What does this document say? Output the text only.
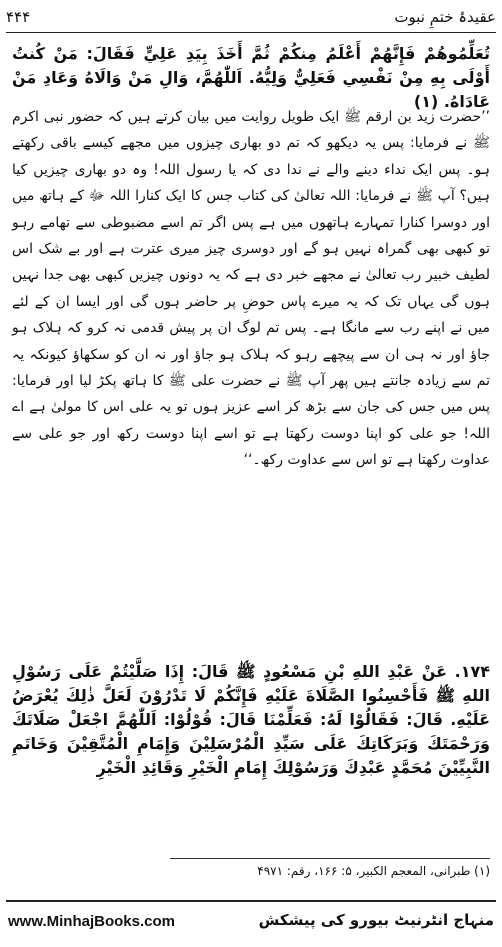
۴۴۴	عقیدۂ ختمِ نبوت
تُعَلِّمُوهُمْ فَإِنَّهُمْ أَعْلَمُ مِنكُمْ ثُمَّ أَخَذَ بِيَدِ عَلِيٍّ فَقَالَ: مَنْ كُنتُ أَوْلَى بِهِ مِنْ نَفْسِي فَعَلِيٌّ وَلِيُّهُ. اَللّٰهُمَّ، وَالِ مَنْ وَالَاهُ وَعَادِ مَنْ عَادَاهُ. (۱)
’’حضرت زید بن ارقم ﷺ ایک طویل روایت میں بیان کرتے ہیں کہ حضور نبی اکرم ﷺ نے فرمایا: پس یہ دیکھو کہ تم دو بھاری چیزوں میں مجھے کیسے باقی رکھتے ہو۔ پس ایک نداء دینے والے نے ندا دی کہ یا رسول اللہ! وہ دو بھاری چیزیں کیا ہیں؟ آپ ﷺ نے فرمایا: اللہ تعالیٰ کی کتاب جس کا ایک کنارا اللہ ﷻ کے ہاتھ میں اور دوسرا کنارا تمہارے ہاتھوں میں ہے پس اگر تم اسے مضبوطی سے تھامے رہو تو کبھی بھی گمراہ نہیں ہو گے اور دوسری چیز میری عترت ہے اور بے شک اس لطیف خبیر رب تعالیٰ نے مجھے خبر دی ہے کہ یہ دونوں چیزیں کبھی بھی جدا نہیں ہوں گی یہاں تک کہ یہ میرے پاس حوضِ پر حاضر ہوں گی اور ایسا ان کے لئے میں نے اپنے رب سے مانگا ہے۔ پس تم لوگ ان پر پیش قدمی نہ کرو کہ ہلاک ہو جاؤ اور نہ ہی ان سے پیچھے رہو کہ ہلاک ہو جاؤ اور نہ ان کو سکھاؤ کیونکہ یہ تم سے زیادہ جانتے ہیں پھر آپ ﷺ نے حضرت علی ﷺ کا ہاتھ پکڑ لیا اور فرمایا: پس میں جس کی جان سے بڑھ کر اسے عزیز ہوں تو یہ علی اس کا مولیٰ ہے اے اللہ! جو علی کو اپنا دوست رکھتا ہے تو اسے اپنا دوست رکھ اور جو علی سے عداوت رکھتا ہے تو اس سے عداوت رکھ۔‘‘
۱۷۴. عَنْ عَبْدِ اللهِ بْنِ مَسْعُودٍ ﷺ قَالَ: إِذَا صَلَّيْتُمْ عَلَى رَسُوْلِ اللهِ ﷺ فَأَحْسِنُوا الصَّلَاةَ عَلَيْهِ فَإِنَّكُمْ لَا تَدْرُوْنَ لَعَلَّ ذٰلِكَ يُعْرَضُ عَلَيْهِ. قَالَ: فَقَالُوْا لَهُ: فَعَلِّمْنَا قَالَ: قُوْلُوْا: اَللّٰهُمَّ اجْعَلْ صَلَاتَكَ وَرَحْمَتَكَ وَبَرَكَاتِكَ عَلَى سَيِّدِ الْمُرْسَلِيْنَ وَإِمَامِ الْمُتَّقِيْنَ وَخَاتَمِ النَّبِيِّيْنَ مُحَمَّدٍ عَبْدِكَ وَرَسُوْلِكَ إِمَامِ الْخَيْرِ وَقَائِدِ الْخَيْرِ
(۱) طبرانی، المعجم الکبیر، ۵: ۱۶۶، رقم: ۴۹۷۱
www.MinhajBooks.com	منہاج انٹرنیٹ بیورو کی پیشکش
